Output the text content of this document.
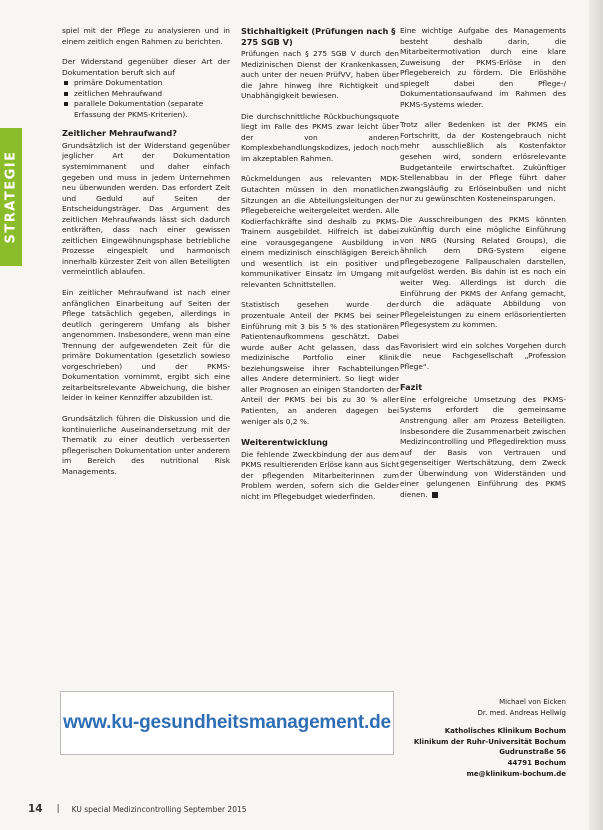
STRATEGIE

spiel mit der Pflege zu analysieren und in einem zeitlich engen Rahmen zu berichten.

Der Widerstand gegenüber dieser Art der Dokumentation beruft sich auf

primäre Dokumentation
zeitlichen Mehraufwand
parallele Dokumentation (separate Erfassung der PKMS-Kriterien).
Zeitlicher Mehraufwand?

Grundsätzlich ist der Widerstand gegenüber jeglicher Art der Dokumentation systemimmanent und daher einfach gegeben und muss in jedem Unternehmen neu überwunden werden. Das erfordert Zeit und Geduld auf Seiten der Entscheidungsträger. Das Argument des zeitlichen Mehraufwands lässt sich dadurch entkräften, dass nach einer gewissen zeitlichen Eingewöhnungsphase betriebliche Prozesse eingespielt und harmonisch innerhalb kürzester Zeit von allen Beteiligten vermeintlich ablaufen.

Ein zeitlicher Mehraufwand ist nach einer anfänglichen Einarbeitung auf Seiten der Pflege tatsächlich gegeben, allerdings in deutlich geringerem Umfang als bisher angenommen. Insbesondere, wenn man eine Trennung der aufgewendeten Zeit für die primäre Dokumentation (gesetzlich sowieso vorgeschrieben) und der PKMS-Dokumentation vornimmt, ergibt sich eine zeitarbeitsrelevante Abweichung, die bisher leider in keiner Kennziffer abzubilden ist.

Grundsätzlich führen die Diskussion und die kontinuierliche Auseinandersetzung mit der Thematik zu einer deutlich verbesserten pflegerischen Dokumentation unter anderem im Bereich des nutritional Risk Managements.

Stichhaltigkeit (Prüfungen nach § 275 SGB V)

Prüfungen nach § 275 SGB V durch den Medizinischen Dienst der Krankenkassen, auch unter der neuen PrüfVV, haben über die Jahre hinweg ihre Richtigkeit und Unabhängigkeit bewiesen.

Die durchschnittliche Rückbuchungsquote liegt im Falle des PKMS zwar leicht über der von anderen Komplexbehandlungskodizes, jedoch noch im akzeptablen Rahmen.

Rückmeldungen aus relevanten MDK-Gutachten müssen in den monatlichen Sitzungen an die Abteilungsleitungen der Pflegebereiche weitergeleitet werden. Alle Kodierfachkräfte sind deshalb zu PKMS-Trainern ausgebildet. Hilfreich ist dabei eine vorausgegangene Ausbildung in einem medizinisch einschlägigen Bereich und wesentlich ist ein positiver und kommunikativer Einsatz im Umgang mit relevanten Schnittstellen.

Statistisch gesehen wurde der prozentuale Anteil der PKMS bei seiner Einführung mit 3 bis 5 % des stationären Patientenaufkommens geschätzt. Dabei wurde außer Acht gelassen, dass das medizinische Portfolio einer Klinik beziehungsweise ihrer Fachabteilungen alles Andere determiniert. So liegt wider aller Prognosen an einigen Standorten der Anteil der PKMS bei bis zu 30 % aller Patienten, an anderen dagegen bei weniger als 0,2 %.

Weiterentwicklung

Die fehlende Zweckbindung der aus dem PKMS resultierenden Erlöse kann aus Sicht der pflegenden Mitarbeiterinnen zum Problem werden, sofern sich die Gelder nicht im Pflegebudget wiederfinden.

Eine wichtige Aufgabe des Managements besteht deshalb darin, die Mitarbeitermotivation durch eine klare Zuweisung der PKMS-Erlöse in den Pflegebereich zu fördern. Die Erlöshöhe spiegelt dabei den Pflege-/ Dokumentationsaufwand im Rahmen des PKMS-Systems wieder.

Trotz aller Bedenken ist der PKMS ein Fortschritt, da der Kostengebrauch nicht mehr ausschließlich als Kostenfaktor gesehen wird, sondern erlösrelevante Budgetanteile erwirtschaftet. Zukünftiger Stellenabbau in der Pflege führt daher zwangsläufig zu Erlöseinbußen und nicht nur zu gewünschten Kosteneinsparungen.

Die Ausschreibungen des PKMS könnten zukünftig durch eine mögliche Einführung von NRG (Nursing Related Groups), die ähnlich dem DRG-System eigene pflegebezogene Fallpauschalen darstellen, aufgelöst werden. Bis dahin ist es noch ein weiter Weg. Allerdings ist durch die Einführung der PKMS der Anfang gemacht, durch die adäquate Abbildung von Pflegeleistungen zu einem erlösorientierten Pflegesystem zu kommen.

Favorisiert wird ein solches Vorgehen durch die neue Fachgesellschaft „Profession Pflege“.

Fazit

Eine erfolgreiche Umsetzung des PKMS-Systems erfordert die gemeinsame Anstrengung aller am Prozess Beteiligten. Insbesondere die Zusammenarbeit zwischen Medizincontrolling und Pflegedirektion muss auf der Basis von Vertrauen und gegenseitiger Wertschätzung, dem Zweck der Überwindung von Widerständen und einer gelungenen Einführung des PKMS dienen.

www.ku-gesundheitsmanagement.de
Michael von Eicken
Dr. med. Andreas Hellwig
Katholisches Klinikum Bochum
Klinikum der Ruhr-Universität Bochum
Gudrunstraße 56
44791 Bochum
me@klinikum-bochum.de
14 | KU special Medizincontrolling September 2015
